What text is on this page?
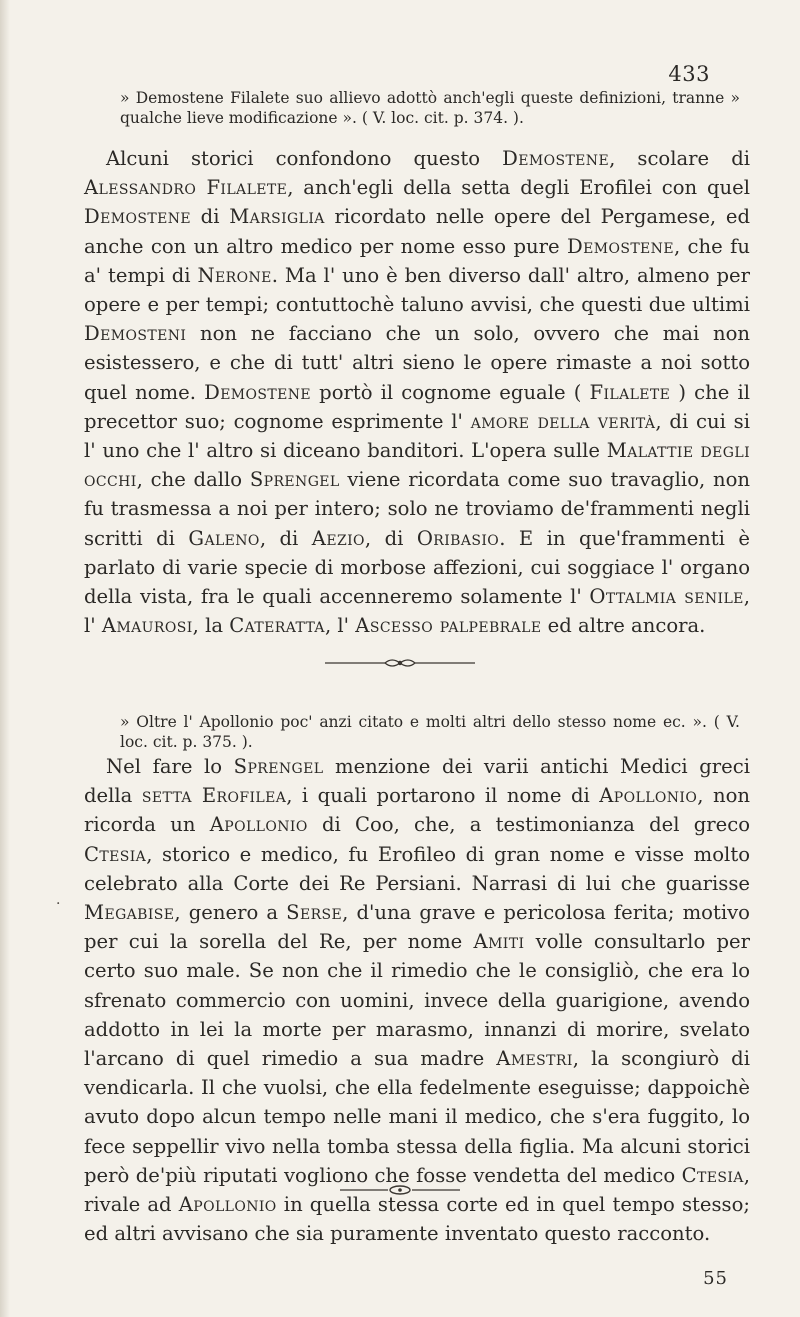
433
» Demostene Filalete suo allievo adottò anch'egli queste definizioni, tranne » qualche lieve modificazione ». ( V. loc. cit. p. 374. ).
Alcuni storici confondono questo Demostene, scolare di Alessandro Filalete, anch'egli della setta degli Erofilei con quel Demostene di Marsiglia ricordato nelle opere del Pergamese, ed anche con un altro medico per nome esso pure Demostene, che fu a' tempi di Nerone. Ma l' uno è ben diverso dall' altro, almeno per opere e per tempi; contuttochè taluno avvisi, che questi due ultimi Demosteni non ne facciano che un solo, ovvero che mai non esistessero, e che di tutt' altri sieno le opere rimaste a noi sotto quel nome. Demostene portò il cognome eguale ( Filalete ) che il precettor suo; cognome esprimente l' amore della verità, di cui si l' uno che l' altro si diceano banditori. L'opera sulle Malattie degli occhi, che dallo Sprengel viene ricordata come suo travaglio, non fu trasmessa a noi per intero; solo ne troviamo de'frammenti negli scritti di Galeno, di Aezio, di Oribasio. E in que'frammenti è parlato di varie specie di morbose affezioni, cui soggiace l' organo della vista, fra le quali accenneremo solamente l' Ottalmia senile, l' Amaurosi, la Cateratta, l' Ascesso palpebrale ed altre ancora.
» Oltre l' Apollonio poc' anzi citato e molti altri dello stesso nome ec. ». ( V. loc. cit. p. 375. ).
·
Nel fare lo Sprengel menzione dei varii antichi Medici greci della setta Erofilea, i quali portarono il nome di Apollonio, non ricorda un Apollonio di Coo, che, a testimonianza del greco Ctesia, storico e medico, fu Erofileo di gran nome e visse molto celebrato alla Corte dei Re Persiani. Narrasi di lui che guarisse Megabise, genero a Serse, d'una grave e pericolosa ferita; motivo per cui la sorella del Re, per nome Amiti volle consultarlo per certo suo male. Se non che il rimedio che le consigliò, che era lo sfrenato commercio con uomini, invece della guarigione, avendo addotto in lei la morte per marasmo, innanzi di morire, svelato l'arcano di quel rimedio a sua madre Amestri, la scongiurò di vendicarla. Il che vuolsi, che ella fedelmente eseguisse; dappoichè avuto dopo alcun tempo nelle mani il medico, che s'era fuggito, lo fece seppellir vivo nella tomba stessa della figlia. Ma alcuni storici però de'più riputati vogliono che fosse vendetta del medico Ctesia, rivale ad Apollonio in quella stessa corte ed in quel tempo stesso; ed altri avvisano che sia puramente inventato questo racconto.
55
